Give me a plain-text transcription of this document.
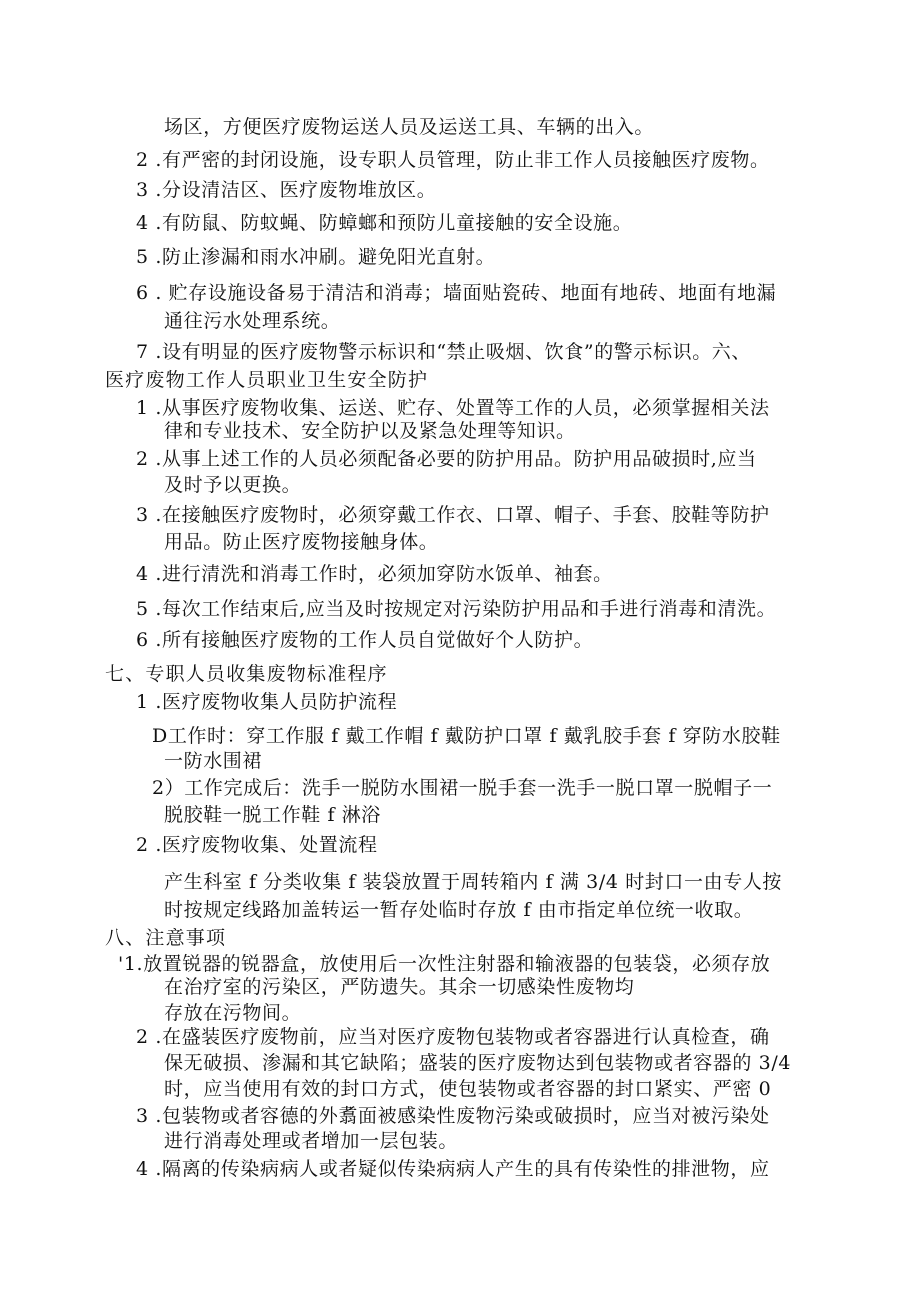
场区，方便医疗废物运送人员及运送工具、车辆的出入。
2 .有严密的封闭设施，设专职人员管理，防止非工作人员接触医疗废物。
3 .分设清洁区、医疗废物堆放区。
4 .有防鼠、防蚊蝇、防蟑螂和预防儿童接触的安全设施。
5 .防止渗漏和雨水冲刷。避免阳光直射。
6 . 贮存设施设备易于清洁和消毒；墙面贴瓷砖、地面有地砖、地面有地漏
通往污水处理系统。
7 .设有明显的医疗废物警示标识和“禁止吸烟、饮食”的警示标识。六、
医疗废物工作人员职业卫生安全防护
1 .从事医疗废物收集、运送、贮存、处置等工作的人员，必须掌握相关法
律和专业技术、安全防护以及紧急处理等知识。
2 .从事上述工作的人员必须配备必要的防护用品。防护用品破损时,应当
及时予以更换。
3 .在接触医疗废物时，必须穿戴工作衣、口罩、帽子、手套、胶鞋等防护
用品。防止医疗废物接触身体。
4 .进行清洗和消毒工作时，必须加穿防水饭单、袖套。
5 .每次工作结束后,应当及时按规定对污染防护用品和手进行消毒和清洗。
6 .所有接触医疗废物的工作人员自觉做好个人防护。
七、专职人员收集废物标准程序
1 .医疗废物收集人员防护流程
D工作时：穿工作服 f 戴工作帽 f 戴防护口罩 f 戴乳胶手套 f 穿防水胶鞋
一防水围裙
2）工作完成后：洗手一脱防水围裙一脱手套一洗手一脱口罩一脱帽子一
脱胶鞋一脱工作鞋 f 淋浴
2 .医疗废物收集、处置流程
产生科室 f 分类收集 f 装袋放置于周转箱内 f 满 3/4 时封口一由专人按
时按规定线路加盖转运一暂存处临时存放 f 由市指定单位统一收取。
八、注意事项
'1.放置锐器的锐器盒，放使用后一次性注射器和输液器的包装袋，必须存放
在治疗室的污染区，严防遗失。其余一切感染性废物均
存放在污物间。
2 .在盛装医疗废物前，应当对医疗废物包装物或者容器进行认真检查，确
保无破损、渗漏和其它缺陷；盛装的医疗废物达到包装物或者容器的 3/4
时，应当使用有效的封口方式，使包装物或者容器的封口紧实、严密 0
3 .包装物或者容德的外翥面被感染性废物污染或破损时，应当对被污染处
进行消毒处理或者增加一层包装。
4 .隔离的传染病病人或者疑似传染病病人产生的具有传染性的排泄物，应
